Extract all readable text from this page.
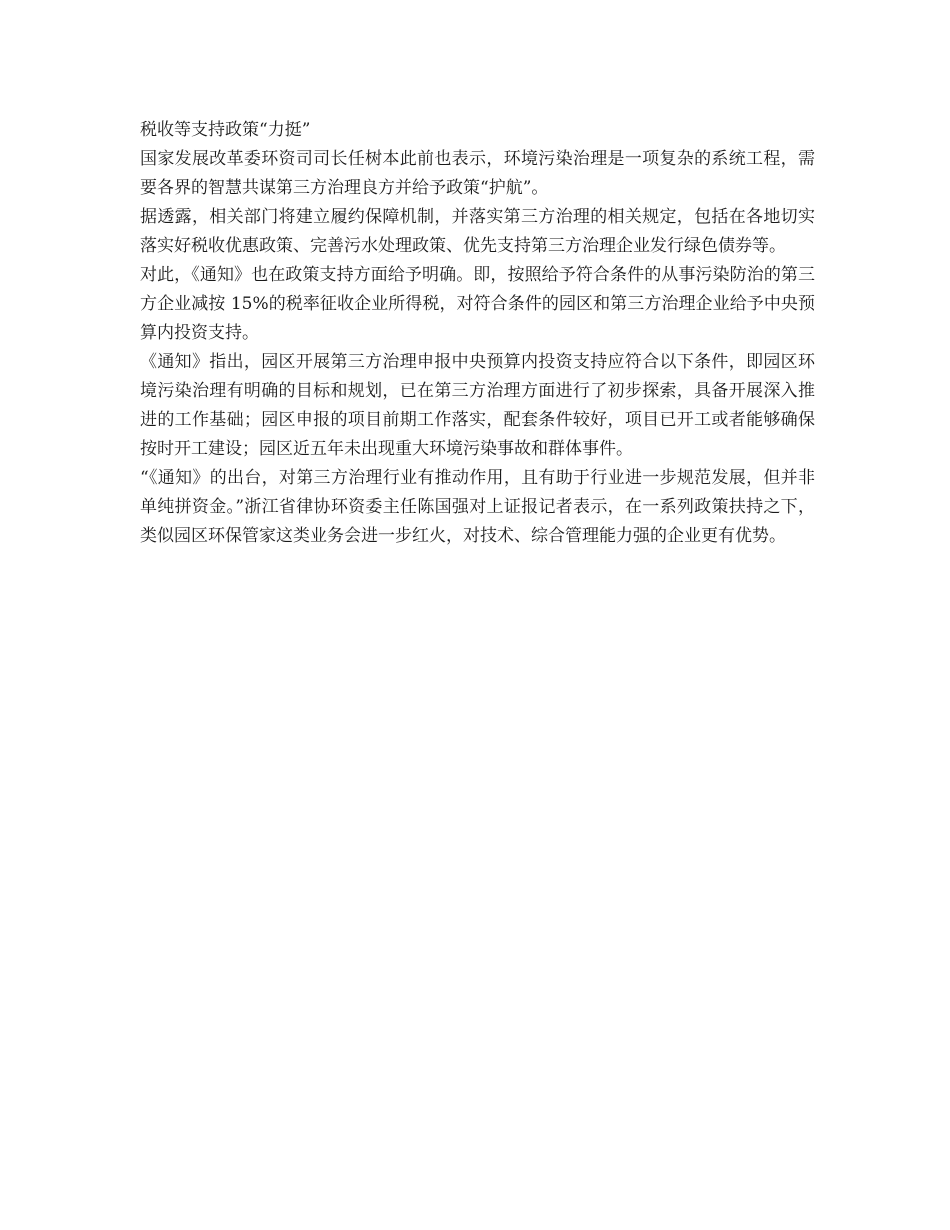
税收等支持政策“力挺”

国家发展改革委环资司司长任树本此前也表示，环境污染治理是一项复杂的系统工程，需要各界的智慧共谋第三方治理良方并给予政策“护航”。

据透露，相关部门将建立履约保障机制，并落实第三方治理的相关规定，包括在各地切实落实好税收优惠政策、完善污水处理政策、优先支持第三方治理企业发行绿色债券等。

对此，《通知》也在政策支持方面给予明确。即，按照给予符合条件的从事污染防治的第三方企业减按 15%的税率征收企业所得税，对符合条件的园区和第三方治理企业给予中央预算内投资支持。

《通知》指出，园区开展第三方治理申报中央预算内投资支持应符合以下条件，即园区环境污染治理有明确的目标和规划，已在第三方治理方面进行了初步探索，具备开展深入推进的工作基础；园区申报的项目前期工作落实，配套条件较好，项目已开工或者能够确保按时开工建设；园区近五年未出现重大环境污染事故和群体事件。

“《通知》的出台，对第三方治理行业有推动作用，且有助于行业进一步规范发展，但并非单纯拼资金。”浙江省律协环资委主任陈国强对上证报记者表示，在一系列政策扶持之下，类似园区环保管家这类业务会进一步红火，对技术、综合管理能力强的企业更有优势。
